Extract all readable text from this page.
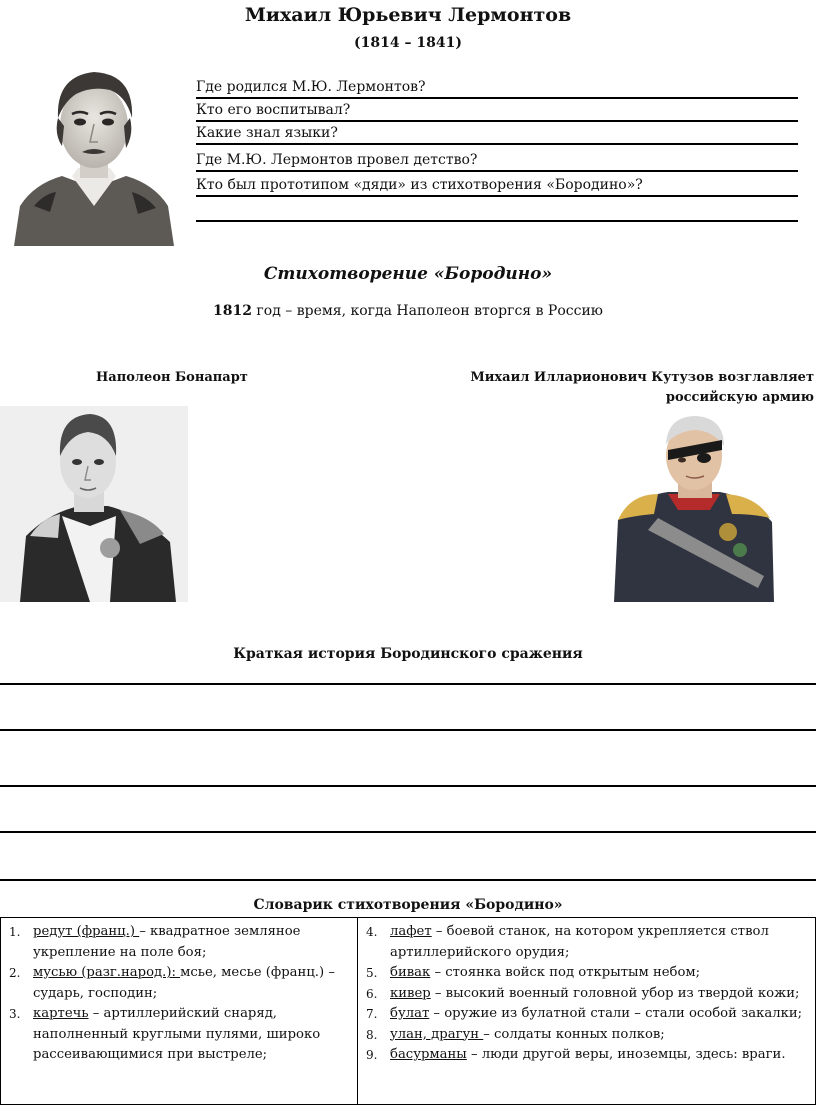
Михаил Юрьевич Лермонтов
(1814 – 1841)
Где родился М.Ю. Лермонтов?
Кто его воспитывал?
Какие знал языки?
Где М.Ю. Лермонтов провел детство?
Кто был прототипом «дяди» из стихотворения «Бородино»?
Стихотворение «Бородино»
1812 год – время, когда Наполеон вторгся в Россию
Наполеон Бонапарт	Михаил Илларионович Кутузов возглавляет российскую армию
Краткая история Бородинского сражения
Словарик стихотворения «Бородино»
1. редут (франц.) – квадратное земляное укрепление на поле боя;
2. мусью (разг.народ.): мсье, месье (франц.) – сударь, господин;
3. картечь – артиллерийский снаряд, наполненный круглыми пулями, широко рассеивающимися при выстреле;
4. лафет – боевой станок, на котором укрепляется ствол артиллерийского орудия;
5. бивак – стоянка войск под открытым небом;
6. кивер – высокий военный головной убор из твердой кожи;
7. булат – оружие из булатной стали – стали особой закалки;
8. улан, драгун – солдаты конных полков;
9. басурманы – люди другой веры, иноземцы, здесь: враги.
